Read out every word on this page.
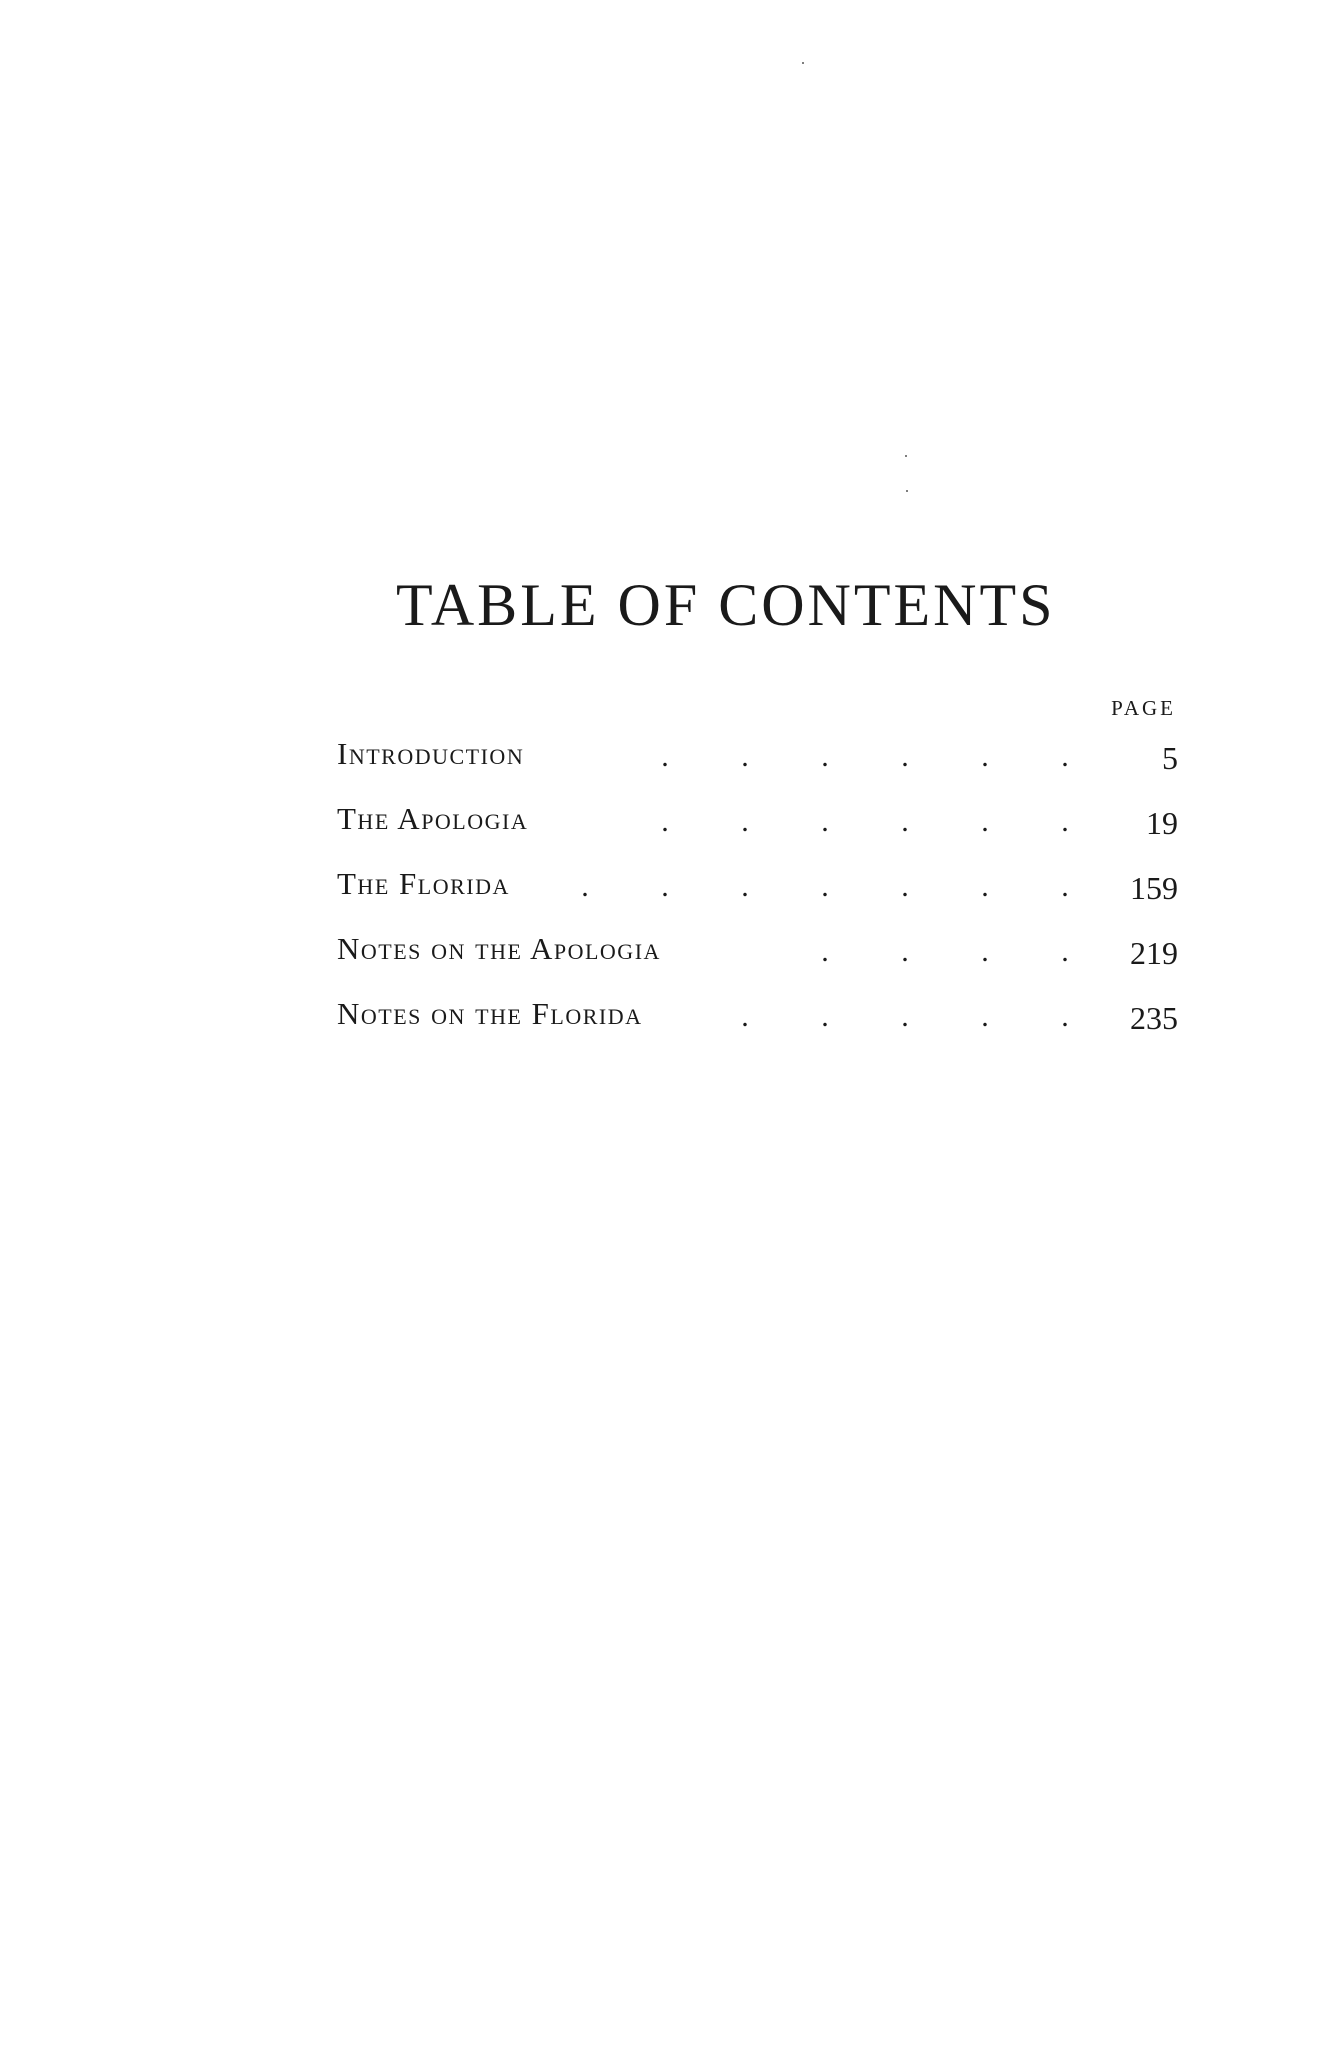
TABLE OF CONTENTS
PAGE
Introduction	.	.	.	.	.	.	5
The Apologia	.	.	.	.	.	.	19
The Florida	.	.	.	.	.	.	.	159
Notes on the Apologia	.	.	.	.	219
Notes on the Florida	.	.	.	.	.	235
